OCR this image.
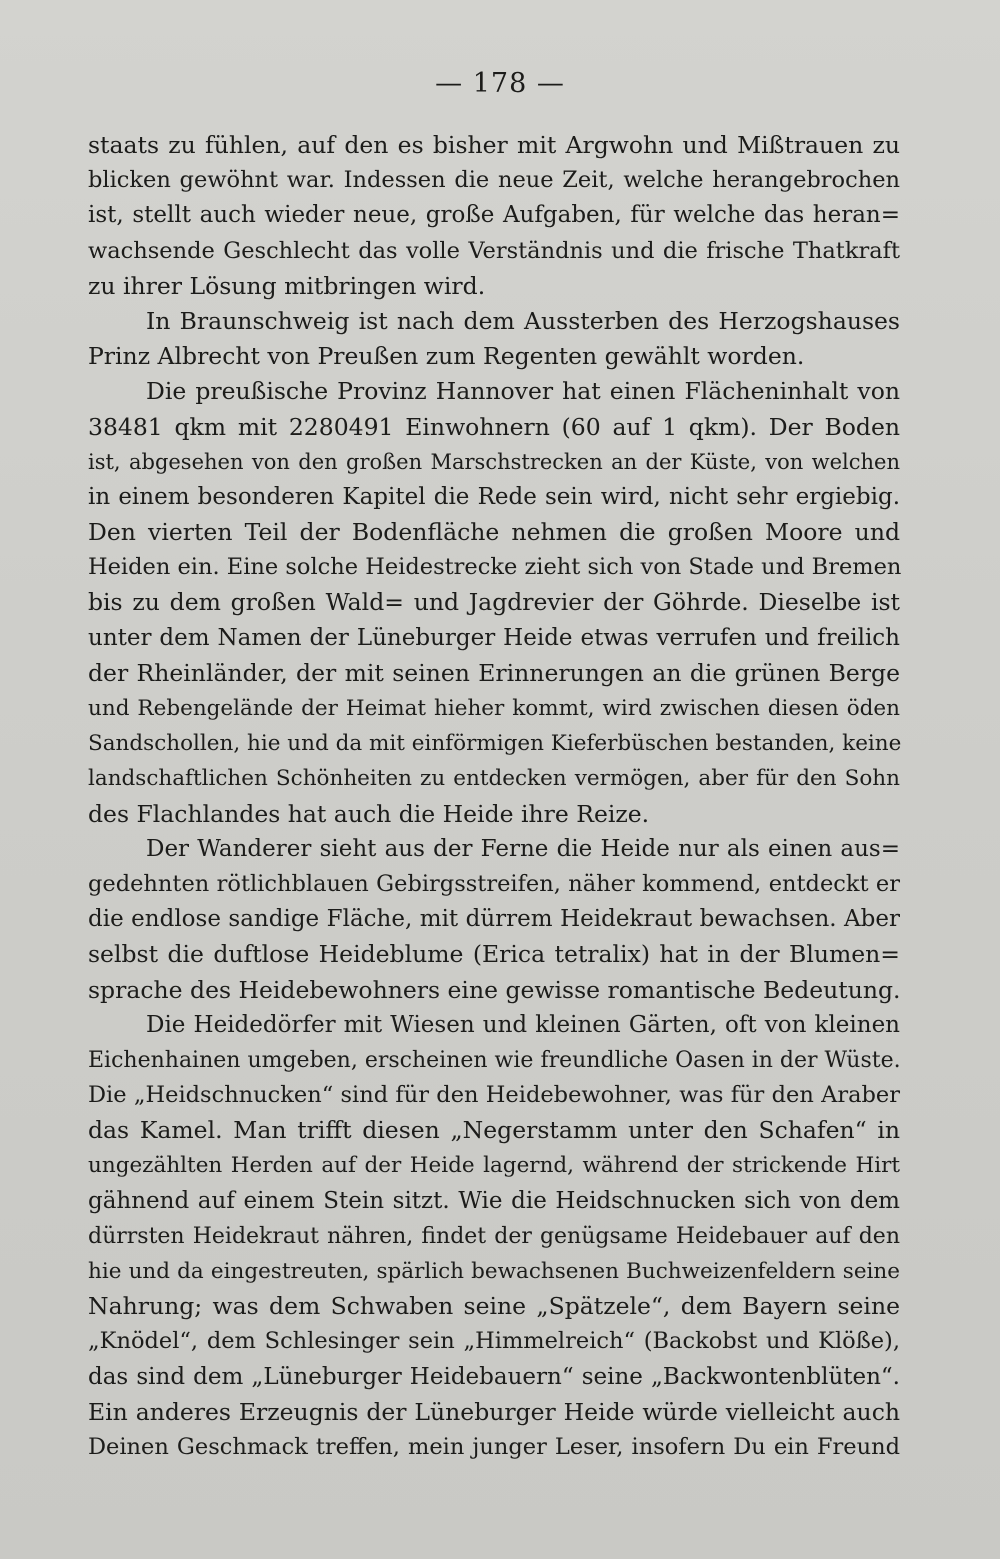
— 178 —
staats zu fühlen, auf den es bisher mit Argwohn und Mißtrauen zu
blicken gewöhnt war. Indessen die neue Zeit, welche herangebrochen
ist, stellt auch wieder neue, große Aufgaben, für welche das heran=
wachsende Geschlecht das volle Verständnis und die frische Thatkraft
zu ihrer Lösung mitbringen wird.
In Braunschweig ist nach dem Aussterben des Herzogshauses
Prinz Albrecht von Preußen zum Regenten gewählt worden.
Die preußische Provinz Hannover hat einen Flächeninhalt von
38481 qkm mit 2280491 Einwohnern (60 auf 1 qkm). Der Boden
ist, abgesehen von den großen Marschstrecken an der Küste, von welchen
in einem besonderen Kapitel die Rede sein wird, nicht sehr ergiebig.
Den vierten Teil der Bodenfläche nehmen die großen Moore und
Heiden ein. Eine solche Heidestrecke zieht sich von Stade und Bremen
bis zu dem großen Wald= und Jagdrevier der Göhrde. Dieselbe ist
unter dem Namen der Lüneburger Heide etwas verrufen und freilich
der Rheinländer, der mit seinen Erinnerungen an die grünen Berge
und Rebengelände der Heimat hieher kommt, wird zwischen diesen öden
Sandschollen, hie und da mit einförmigen Kieferbüschen bestanden, keine
landschaftlichen Schönheiten zu entdecken vermögen, aber für den Sohn
des Flachlandes hat auch die Heide ihre Reize.
Der Wanderer sieht aus der Ferne die Heide nur als einen aus=
gedehnten rötlichblauen Gebirgsstreifen, näher kommend, entdeckt er
die endlose sandige Fläche, mit dürrem Heidekraut bewachsen. Aber
selbst die duftlose Heideblume (Erica tetralix) hat in der Blumen=
sprache des Heidebewohners eine gewisse romantische Bedeutung.
Die Heidedörfer mit Wiesen und kleinen Gärten, oft von kleinen
Eichenhainen umgeben, erscheinen wie freundliche Oasen in der Wüste.
Die „Heidschnucken“ sind für den Heidebewohner, was für den Araber
das Kamel. Man trifft diesen „Negerstamm unter den Schafen“ in
ungezählten Herden auf der Heide lagernd, während der strickende Hirt
gähnend auf einem Stein sitzt. Wie die Heidschnucken sich von dem
dürrsten Heidekraut nähren, findet der genügsame Heidebauer auf den
hie und da eingestreuten, spärlich bewachsenen Buchweizenfeldern seine
Nahrung; was dem Schwaben seine „Spätzele“, dem Bayern seine
„Knödel“, dem Schlesinger sein „Himmelreich“ (Backobst und Klöße),
das sind dem „Lüneburger Heidebauern“ seine „Backwontenblüten“.
Ein anderes Erzeugnis der Lüneburger Heide würde vielleicht auch
Deinen Geschmack treffen, mein junger Leser, insofern Du ein Freund
